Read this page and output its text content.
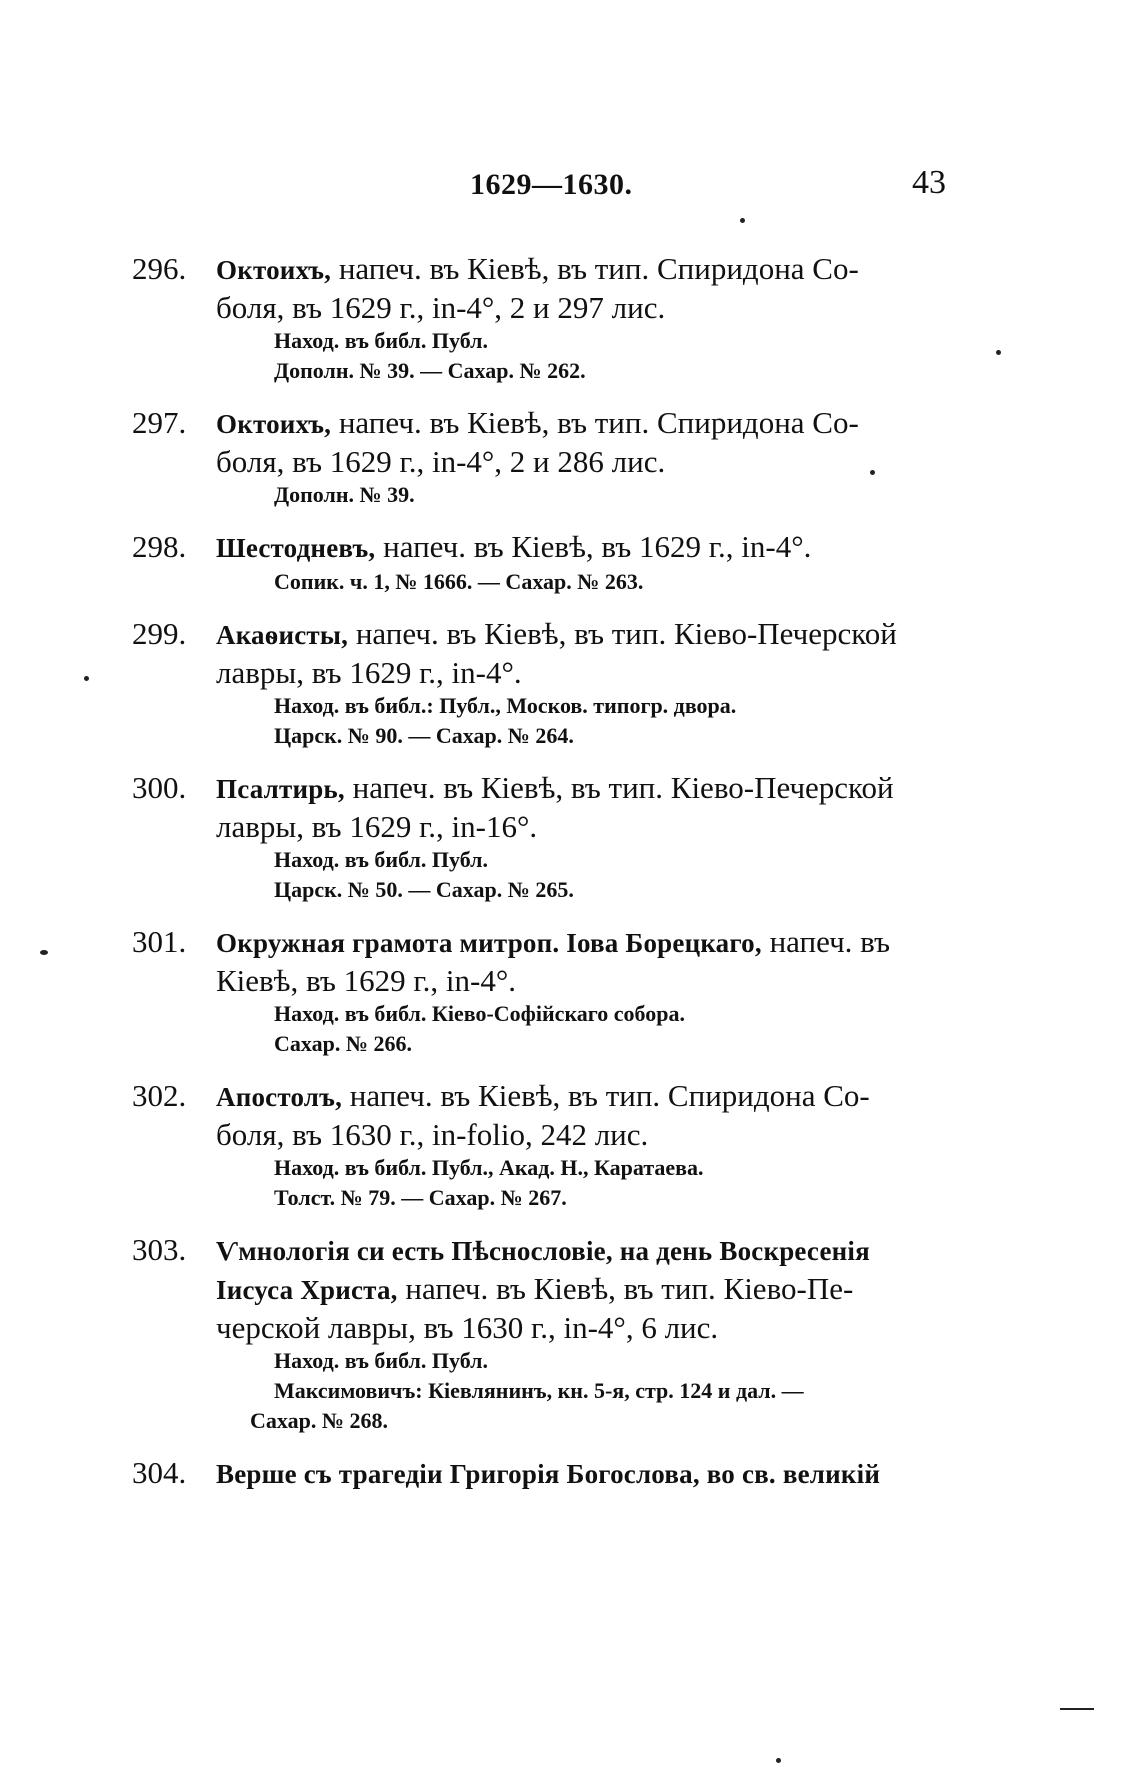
1629—1630.	43
296.	Октоихъ, напеч. въ Кіевѣ, въ тип. Спиридона Со-
боля, въ 1629 г., in-4°, 2 и 297 лис.
Наход. въ библ. Публ.
Дополн. № 39. — Сахар. № 262.
297.	Октоихъ, напеч. въ Кіевѣ, въ тип. Спиридона Со-
боля, въ 1629 г., in-4°, 2 и 286 лис.
Дополн. № 39.
298.	Шестодневъ, напеч. въ Кіевѣ, въ 1629 г., in-4°.
Сопик. ч. 1, № 1666. — Сахар. № 263.
299.	Акаѳисты, напеч. въ Кіевѣ, въ тип. Кіево-Печерской
лавры, въ 1629 г., in-4°.
Наход. въ библ.: Публ., Москов. типогр. двора.
Царск. № 90. — Сахар. № 264.
300.	Псалтирь, напеч. въ Кіевѣ, въ тип. Кіево-Печерской
лавры, въ 1629 г., in-16°.
Наход. въ библ. Публ.
Царск. № 50. — Сахар. № 265.
301.	Окружная грамота митроп. Іова Борецкаго, напеч. въ
Кіевѣ, въ 1629 г., in-4°.
Наход. въ библ. Кіево-Софійскаго собора.
Сахар. № 266.
302.	Апостолъ, напеч. въ Кіевѣ, въ тип. Спиридона Со-
боля, въ 1630 г., in-folio, 242 лис.
Наход. въ библ. Публ., Акад. Н., Каратаева.
Толст. № 79. — Сахар. № 267.
303.	Ѵмнологія си есть Пѣснословіе, на день Воскресенія
Іисуса Христа, напеч. въ Кіевѣ, въ тип. Кіево-Пе-
черской лавры, въ 1630 г., in-4°, 6 лис.
Наход. въ библ. Публ.
Максимовичъ: Кіевлянинъ, кн. 5-я, стр. 124 и дал. —
Сахар. № 268.
304.	Верше съ трагедіи Григорія Богослова, во св. великій
